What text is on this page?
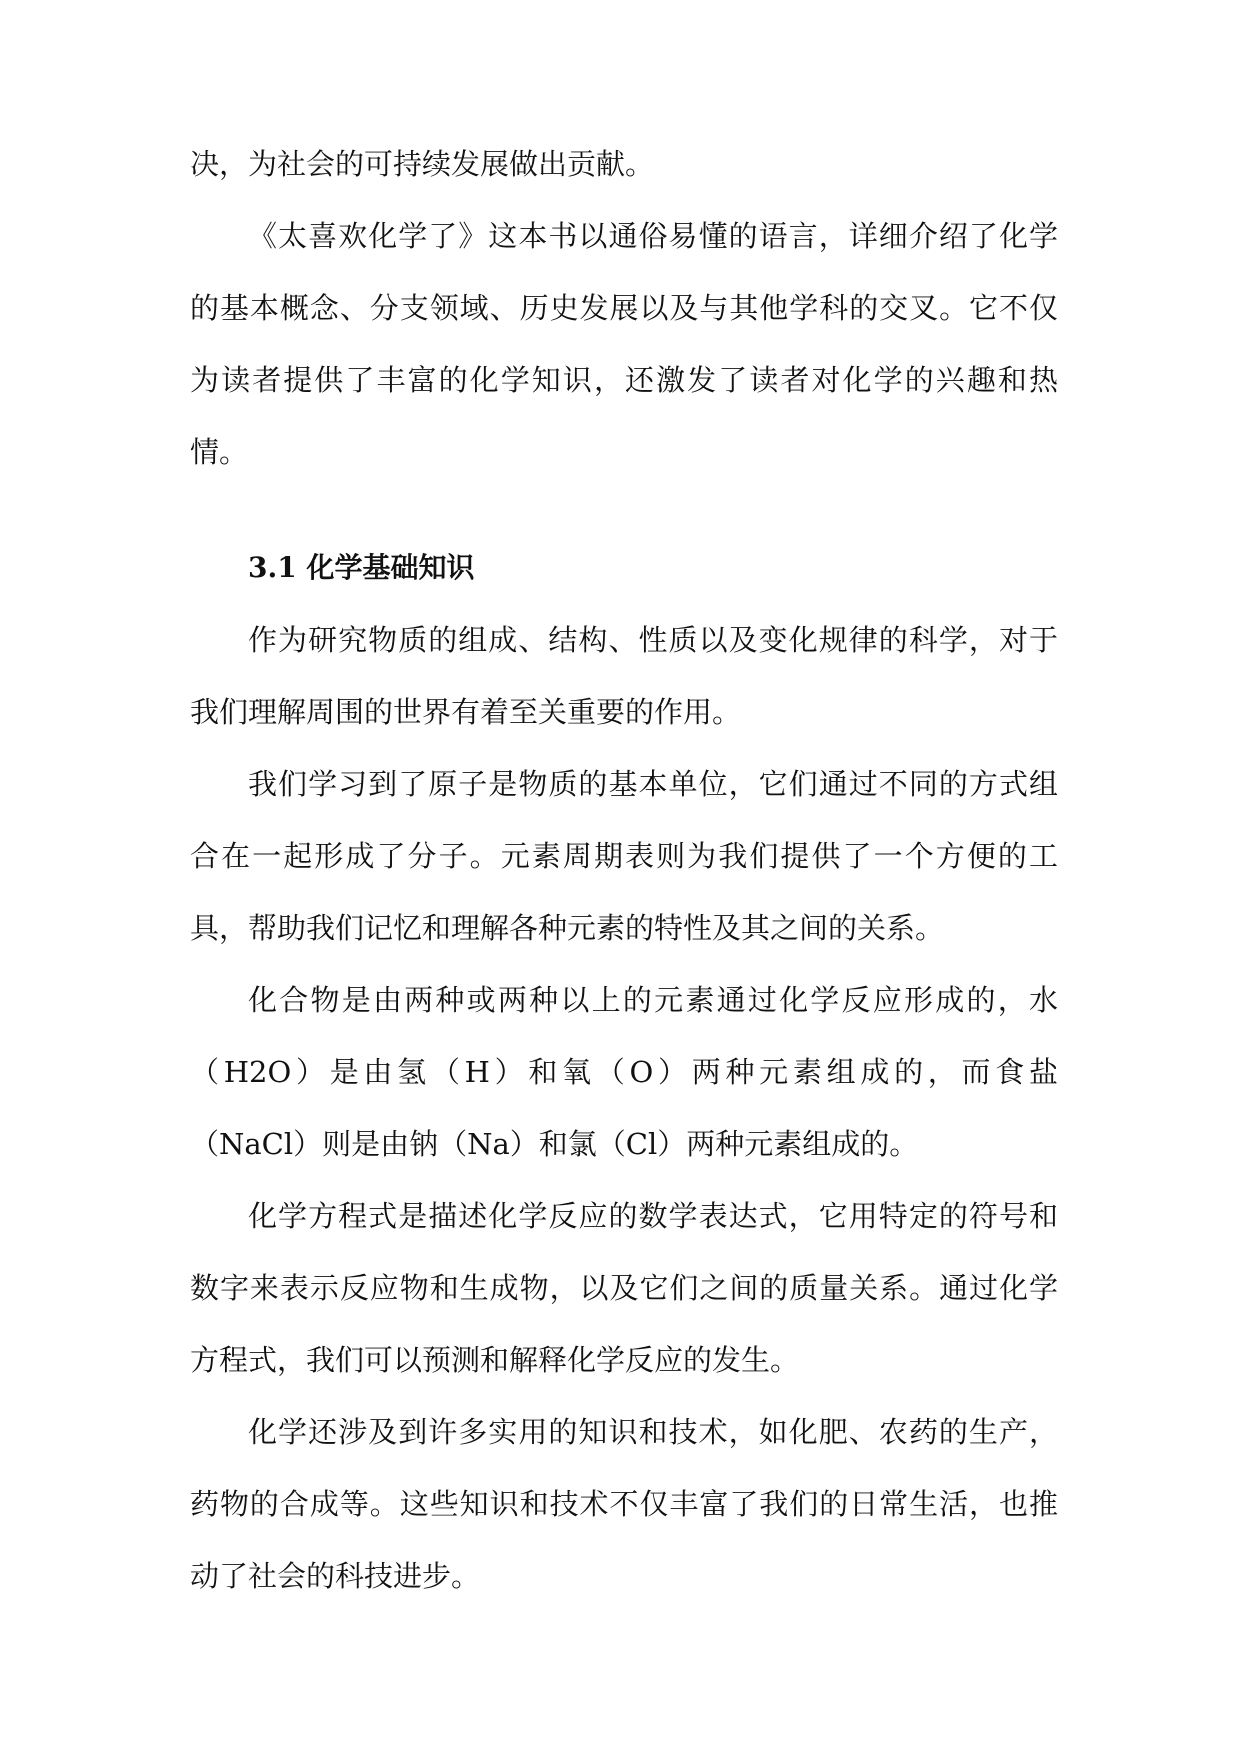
决，为社会的可持续发展做出贡献。

《太喜欢化学了》这本书以通俗易懂的语言，详细介绍了化学的基本概念、分支领域、历史发展以及与其他学科的交叉。它不仅为读者提供了丰富的化学知识，还激发了读者对化学的兴趣和热情。

3.1 化学基础知识

作为研究物质的组成、结构、性质以及变化规律的科学，对于我们理解周围的世界有着至关重要的作用。

我们学习到了原子是物质的基本单位，它们通过不同的方式组合在一起形成了分子。元素周期表则为我们提供了一个方便的工具，帮助我们记忆和理解各种元素的特性及其之间的关系。

化合物是由两种或两种以上的元素通过化学反应形成的，水（H2O）是由氢（H）和氧（O）两种元素组成的，而食盐（NaCl）则是由钠（Na）和氯（Cl）两种元素组成的。

化学方程式是描述化学反应的数学表达式，它用特定的符号和数字来表示反应物和生成物，以及它们之间的质量关系。通过化学方程式，我们可以预测和解释化学反应的发生。

化学还涉及到许多实用的知识和技术，如化肥、农药的生产，药物的合成等。这些知识和技术不仅丰富了我们的日常生活，也推动了社会的科技进步。
